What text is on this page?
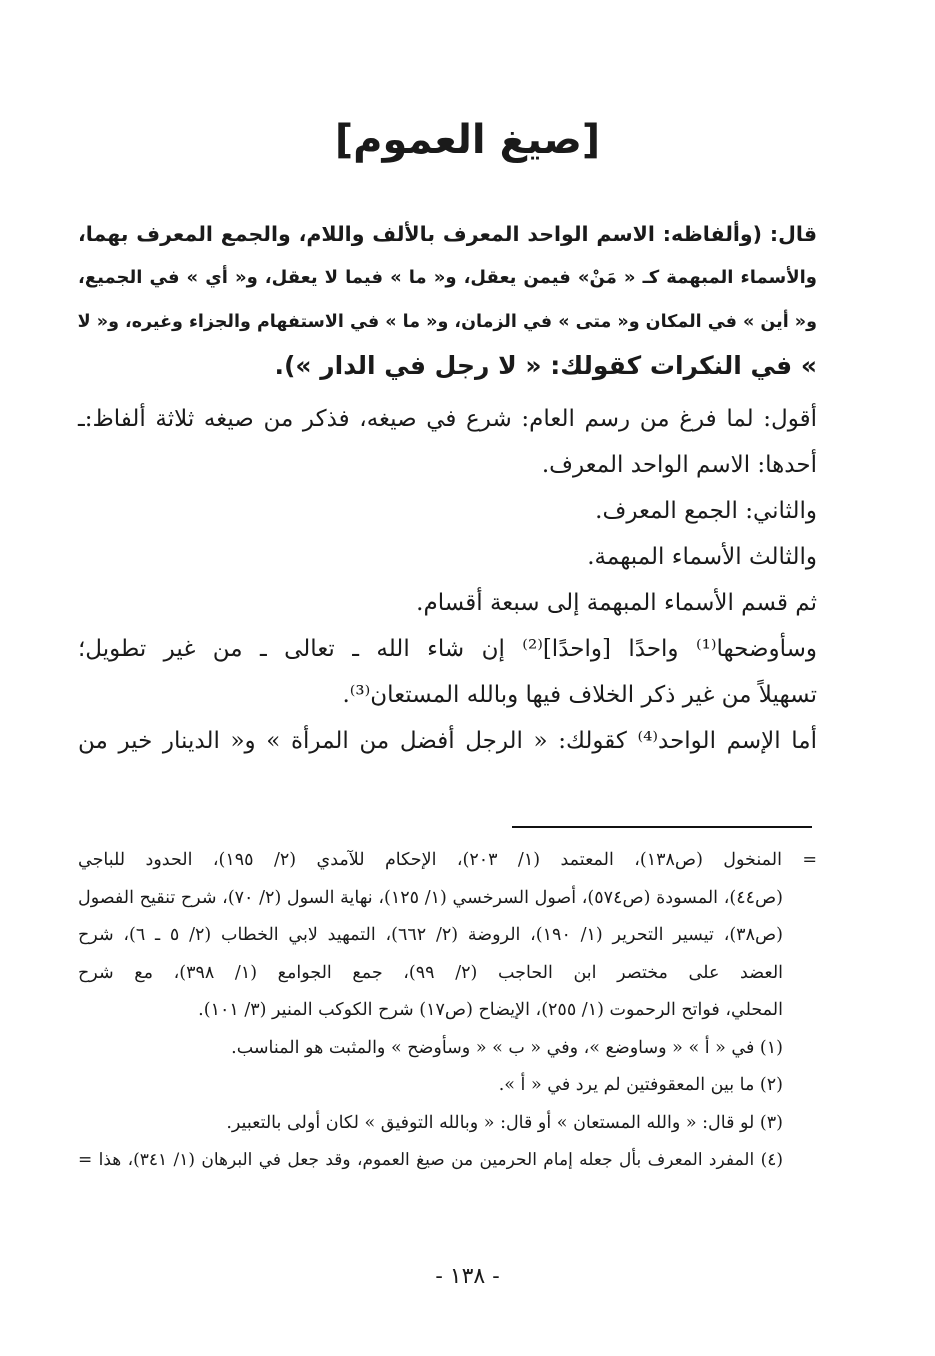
[صيغ العموم]
قال: (وألفاظه: الاسم الواحد المعرف بالألف واللام، والجمع المعرف بهما،
والأسماء المبهمة كـ « مَنْ» فيمن يعقل، و« ما » فيما لا يعقل، و« أي » في الجميع،
و« أين » في المكان و« متى » في الزمان، و« ما » في الاستفهام والجزاء وغيره، و« لا
» في النكرات كقولك: « لا رجل في الدار »).
أقول: لما فرغ من رسم العام: شرع في صيغه، فذكر من صيغه ثلاثة ألفاظ:ـ
أحدها: الاسم الواحد المعرف.
والثاني: الجمع المعرف.
والثالث الأسماء المبهمة.
ثم قسم الأسماء المبهمة إلى سبعة أقسام.
وسأوضحها⁽¹⁾ واحدًا [واحدًا]⁽²⁾ إن شاء الله ـ تعالى ـ من غير تطويل؛
تسهيلاً من غير ذكر الخلاف فيها وبالله المستعان⁽³⁾.
أما الإسم الواحد⁽⁴⁾ كقولك: « الرجل أفضل من المرأة » و« الدينار خير من
= المنخول (ص١٣٨)، المعتمد (١/ ٢٠٣)، الإحكام للآمدي (٢/ ١٩٥)، الحدود للباجي
(ص٤٤)، المسودة (ص٥٧٤)، أصول السرخسي (١/ ١٢٥)، نهاية السول (٢/ ٧٠)، شرح تنقيح الفصول
(ص٣٨)، تيسير التحرير (١/ ١٩٠)، الروضة (٢/ ٦٦٢)، التمهيد لابي الخطاب (٢/ ٥ ـ ٦)، شرح
العضد على مختصر ابن الحاجب (٢/ ٩٩)، جمع الجوامع (١/ ٣٩٨)، مع شرح
المحلي، فواتح الرحموت (١/ ٢٥٥)، الإيضاح (ص١٧) شرح الكوكب المنير (٣/ ١٠١).
(١) في « أ » « وساوضع »، وفي « ب » « وسأوضح » والمثبت هو المناسب.
(٢) ما بين المعقوفتين لم يرد في « أ ».
(٣) لو قال: « والله المستعان » أو قال: « وبالله التوفيق » لكان أولى بالتعبير.
(٤) المفرد المعرف بأل جعله إمام الحرمين من صيغ العموم، وقد جعل في البرهان (١/ ٣٤١)، هذا =
- ١٣٨ -
